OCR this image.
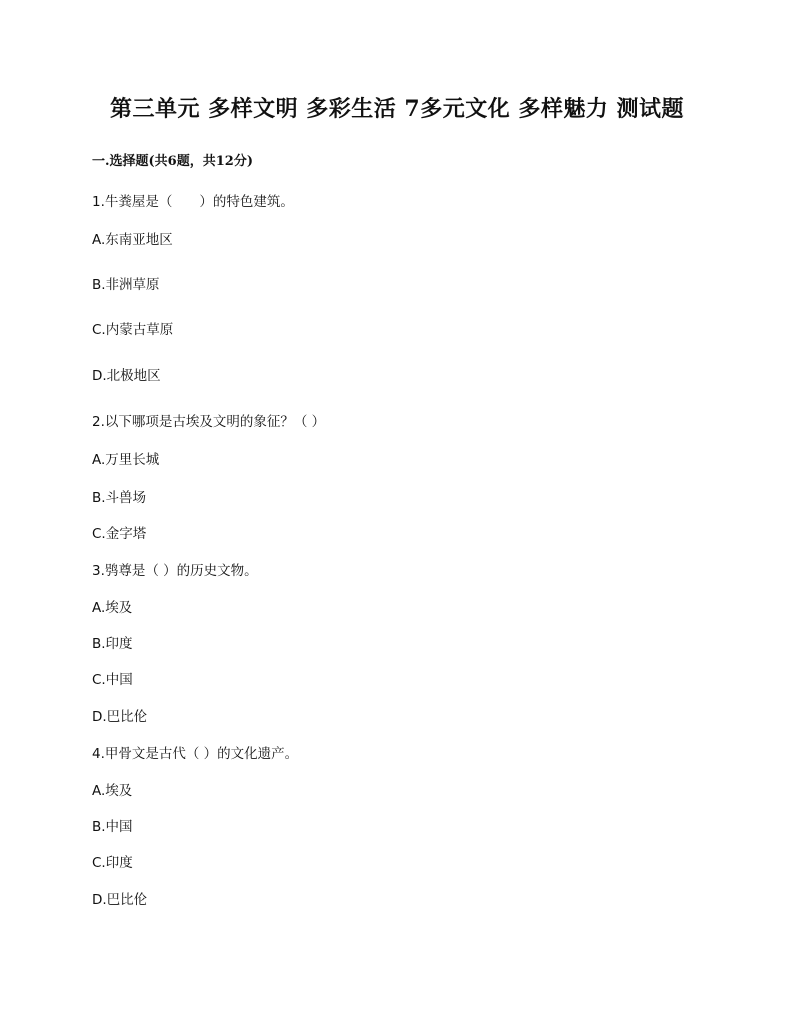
第三单元 多样文明 多彩生活 7多元文化 多样魅力 测试题
一.选择题(共6题，共12分)
1.牛粪屋是（　　）的特色建筑。
A.东南亚地区
B.非洲草原
C.内蒙古草原
D.北极地区
2.以下哪项是古埃及文明的象征？（ ）
A.万里长城
B.斗兽场
C.金字塔
3.鸮尊是（ ）的历史文物。
A.埃及
B.印度
C.中国
D.巴比伦
4.甲骨文是古代（ ）的文化遗产。
A.埃及
B.中国
C.印度
D.巴比伦
